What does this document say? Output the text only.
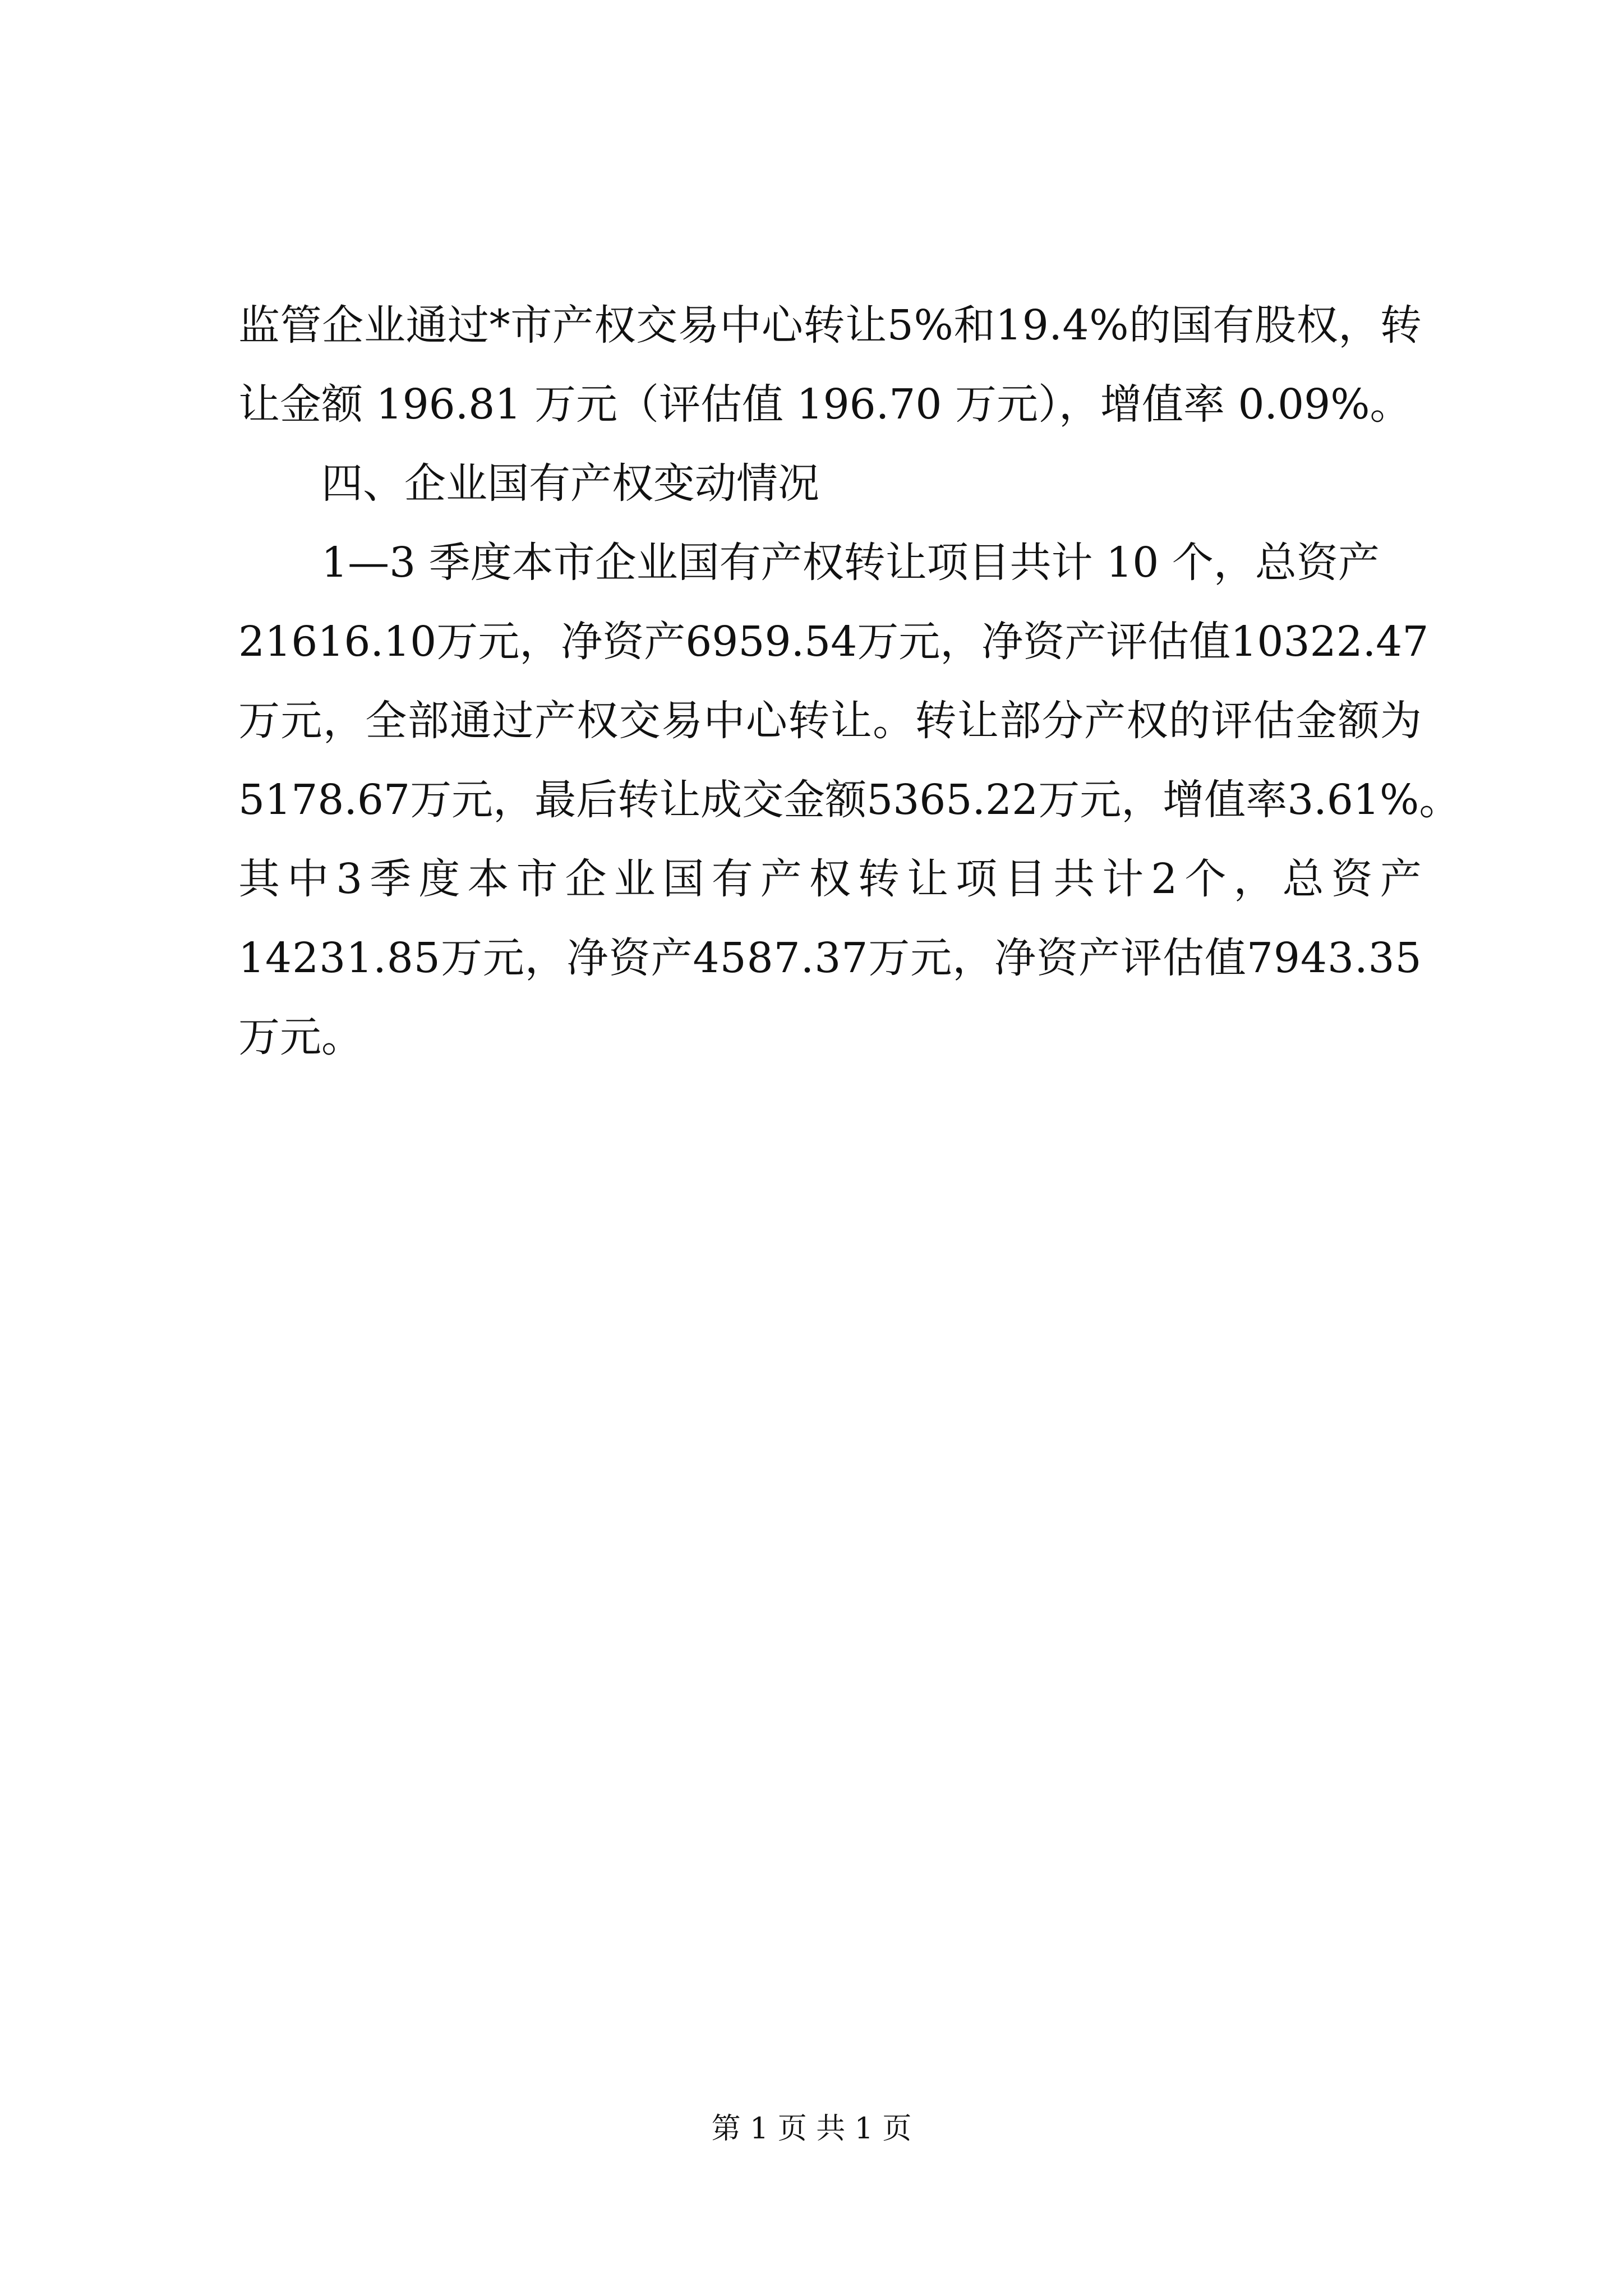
监 管 企 业 通 过 * 市 产 权 交 易 中 心 转 让 5 % 和 1 9 . 4 % 的 国 有 股 权 ， 转
让金额 196.81 万元（评估值 196.70 万元），增值率 0.09%。
四、企业国有产权变动情况
1—3 季度本市企业国有产权转让项目共计 10 个，总资产
2 1 6 1 6 . 1 0 万 元 ， 净 资 产 6 9 5 9 . 5 4 万 元 ， 净 资 产 评 估 值 1 0 3 2 2 . 4 7
万 元 ， 全 部 通 过 产 权 交 易 中 心 转 让 。 转 让 部 分 产 权 的 评 估 金 额 为
5 1 7 8 . 6 7 万 元 ， 最 后 转 让 成 交 金 额 5 3 6 5 . 2 2 万 元 ， 增 值 率 3 . 6 1 % 。
其 中 3 季 度 本 市 企 业 国 有 产 权 转 让 项 目 共 计 2 个 ， 总 资 产
1 4 2 3 1 . 8 5 万 元 ， 净 资 产 4 5 8 7 . 3 7 万 元 ， 净 资 产 评 估 值 7 9 4 3 . 3 5
万元。
第 1 页 共 1 页
